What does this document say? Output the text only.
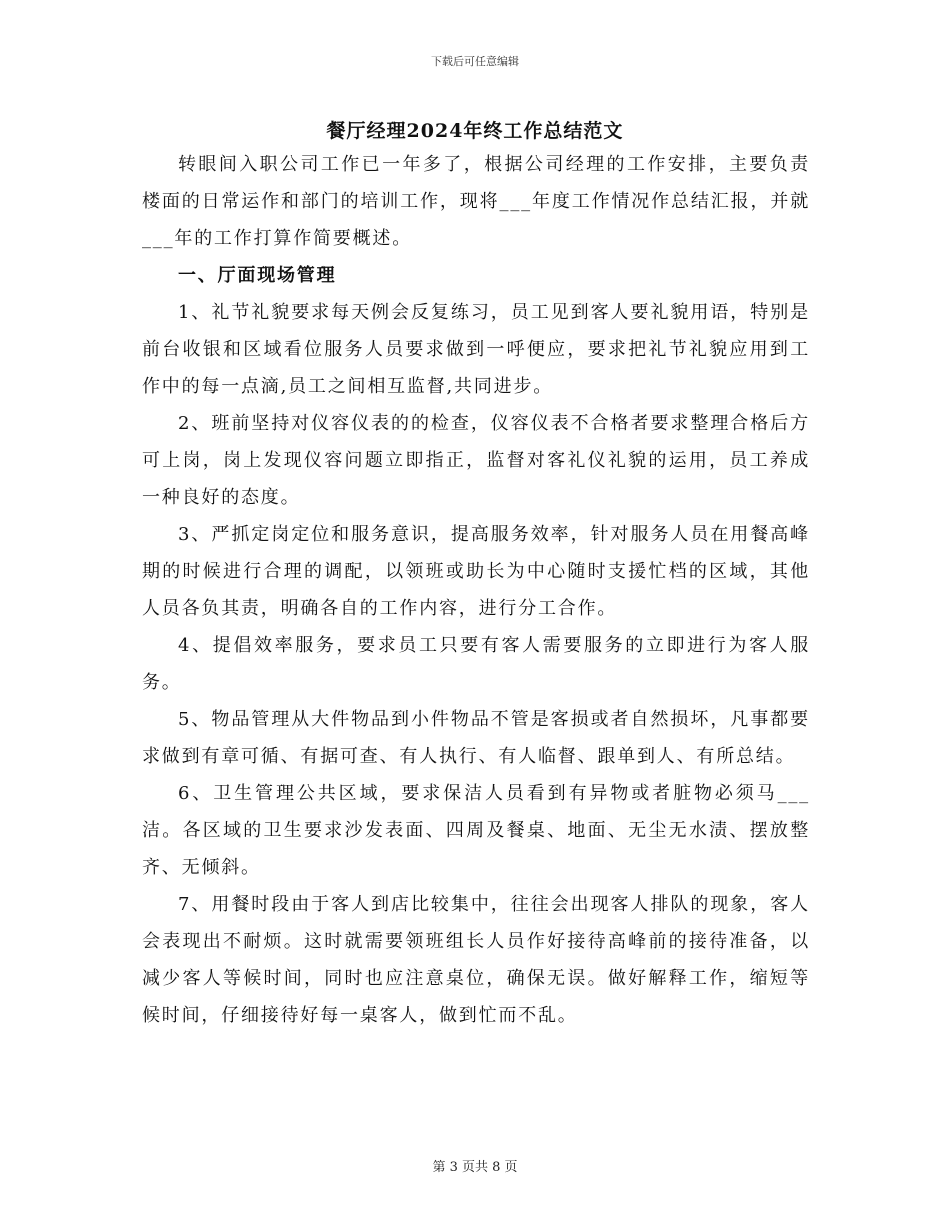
下载后可任意编辑
餐厅经理2024年终工作总结范文

转眼间入职公司工作已一年多了，根据公司经理的工作安排，主要负责楼面的日常运作和部门的培训工作，现将___年度工作情况作总结汇报，并就___年的工作打算作简要概述。

一、厅面现场管理

1、礼节礼貌要求每天例会反复练习，员工见到客人要礼貌用语，特别是前台收银和区域看位服务人员要求做到一呼便应，要求把礼节礼貌应用到工作中的每一点滴,员工之间相互监督,共同进步。

2、班前坚持对仪容仪表的的检查，仪容仪表不合格者要求整理合格后方可上岗，岗上发现仪容问题立即指正，监督对客礼仪礼貌的运用，员工养成一种良好的态度。

3、严抓定岗定位和服务意识，提高服务效率，针对服务人员在用餐高峰期的时候进行合理的调配，以领班或助长为中心随时支援忙档的区域，其他人员各负其责，明确各自的工作内容，进行分工合作。

4、提倡效率服务，要求员工只要有客人需要服务的立即进行为客人服务。

5、物品管理从大件物品到小件物品不管是客损或者自然损坏，凡事都要求做到有章可循、有据可查、有人执行、有人临督、跟单到人、有所总结。

6、卫生管理公共区域，要求保洁人员看到有异物或者脏物必须马___洁。各区域的卫生要求沙发表面、四周及餐桌、地面、无尘无水渍、摆放整齐、无倾斜。

7、用餐时段由于客人到店比较集中，往往会出现客人排队的现象，客人会表现出不耐烦。这时就需要领班组长人员作好接待高峰前的接待准备，以减少客人等候时间，同时也应注意桌位，确保无误。做好解释工作，缩短等候时间，仔细接待好每一桌客人，做到忙而不乱。

第 3 页共 8 页
